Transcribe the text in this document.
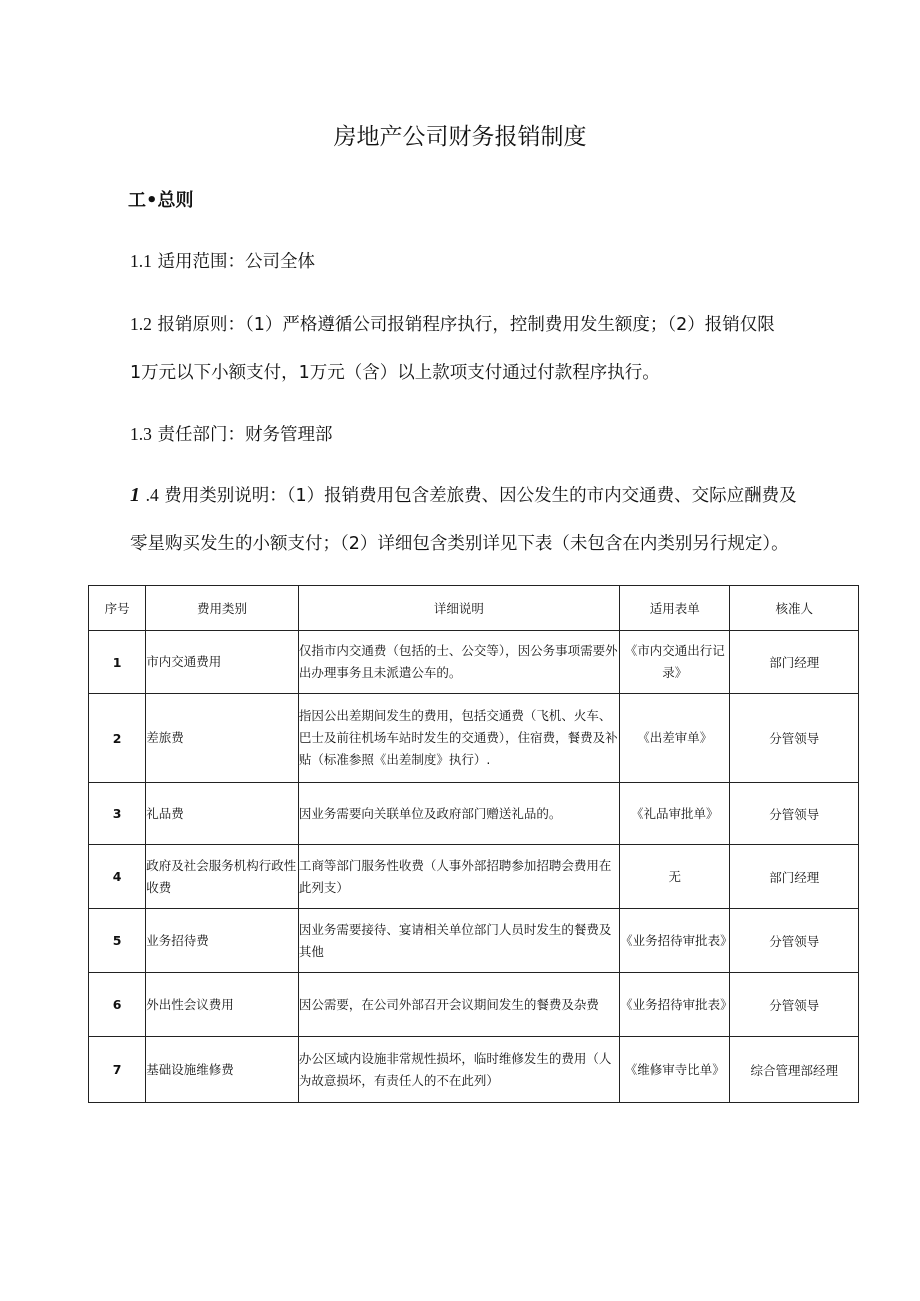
房地产公司财务报销制度
工•总则
1.1 适用范围：公司全体
1.2 报销原则：（1）严格遵循公司报销程序执行，控制费用发生额度；（2）报销仅限
1万元以下小额支付，1万元（含）以上款项支付通过付款程序执行。
1.3 责任部门：财务管理部
1 .4 费用类别说明：（1）报销费用包含差旅费、因公发生的市内交通费、交际应酬费及
零星购买发生的小额支付；（2）详细包含类别详见下表（未包含在内类别另行规定）。
序号	费用类别	详细说明	适用表单	核准人
1	市内交通费用	仅指市内交通费（包括的士、公交等），因公务事项需要外出办理事务且未派遣公车的。	《市内交通出行记录》	部门经理
2	差旅费	指因公出差期间发生的费用，包括交通费（飞机、火车、巴士及前往机场车站时发生的交通费），住宿费，餐费及补贴（标准参照《出差制度》执行）.	《出差审单》	分管领导
3	礼品费	因业务需要向关联单位及政府部门赠送礼品的。	《礼品审批单》	分管领导
4	政府及社会服务机构行政性收费	工商等部门服务性收费（人事外部招聘参加招聘会费用在此列支）	无	部门经理
5	业务招待费	因业务需要接待、宴请相关单位部门人员时发生的餐费及其他	《业务招待审批表》	分管领导
6	外出性会议费用	因公需要，在公司外部召开会议期间发生的餐费及杂费	《业务招待审批表》	分管领导
7	基础设施维修费	办公区域内设施非常规性损坏，临时维修发生的费用（人为故意损坏，有责任人的不在此列）	《维修审寺比单》	综合管理部经理
